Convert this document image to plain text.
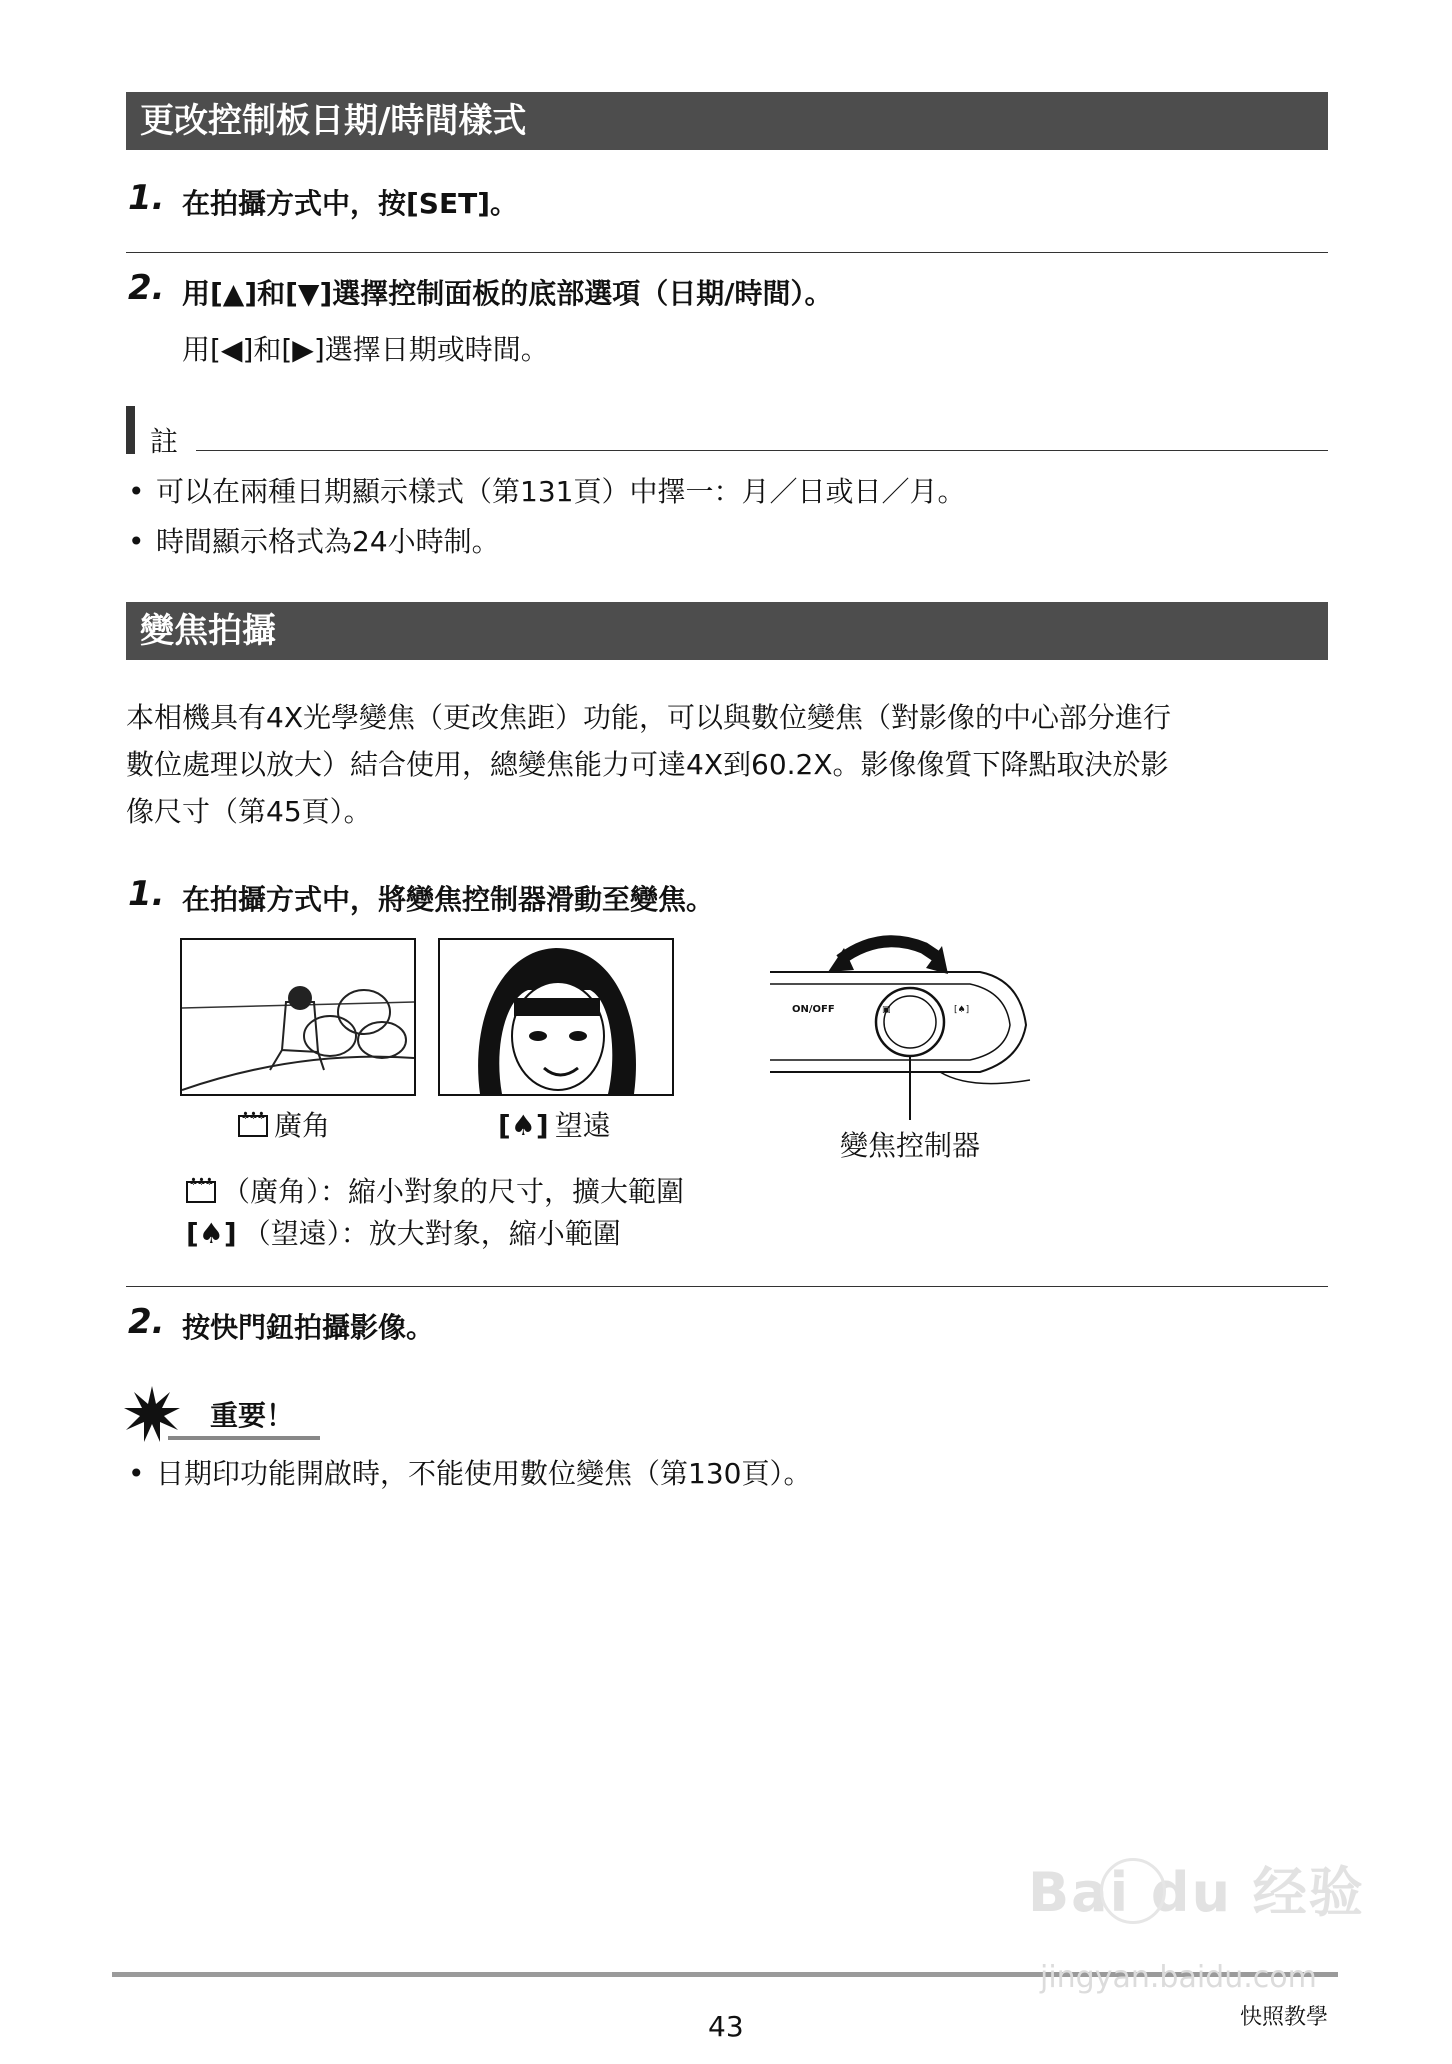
更改控制板日期/時間樣式
1. 在拍攝方式中，按[SET]。
2. 用[▲]和[▼]選擇控制面板的底部選項（日期/時間）。
用[◀]和[▶]選擇日期或時間。
註
• 可以在兩種日期顯示樣式（第131頁）中擇一：月／日或日／月。
• 時間顯示格式為24小時制。
變焦拍攝
本相機具有4X光學變焦（更改焦距）功能，可以與數位變焦（對影像的中心部分進行
數位處理以放大）結合使用，總變焦能力可達4X到60.2X。影像像質下降點取決於影
像尺寸（第45頁）。
1. 在拍攝方式中，將變焦控制器滑動至變焦。
♣♣♣廣角	[♠] 望遠
▣	[♠]
ON/OFF
變焦控制器
♣♣♣（廣角）：縮小對象的尺寸，擴大範圍
[♠] （望遠）：放大對象，縮小範圍
2. 按快門鈕拍攝影像。
重要！
• 日期印功能開啟時，不能使用數位變焦（第130頁）。
Bai du 经验
jingyan.baidu.com
43	快照教學
